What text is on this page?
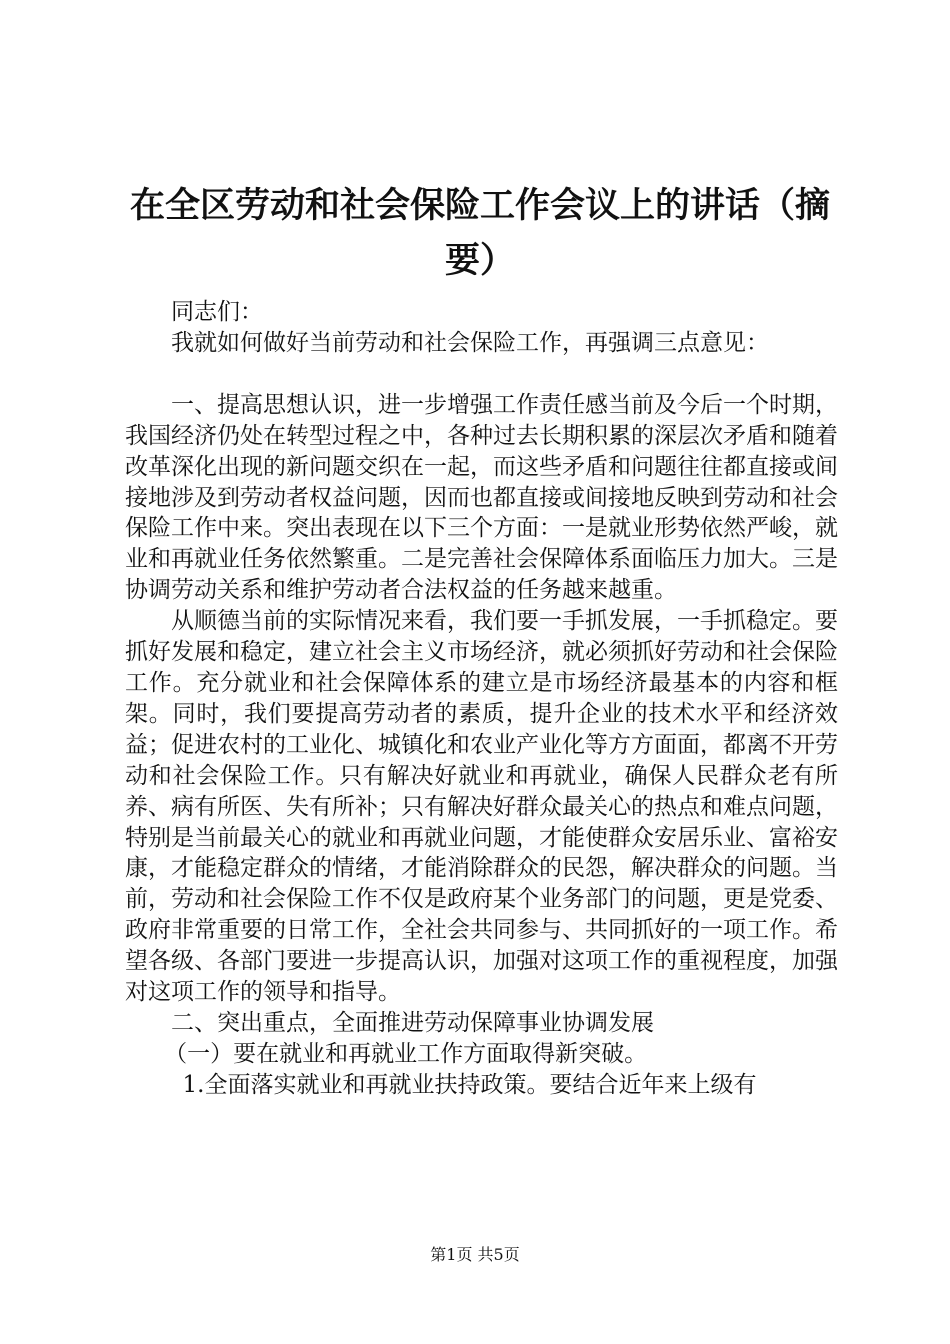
在全区劳动和社会保险工作会议上的讲话（摘要）

同志们：

我就如何做好当前劳动和社会保险工作，再强调三点意见：

一、提高思想认识，进一步增强工作责任感当前及今后一个时期，我国经济仍处在转型过程之中，各种过去长期积累的深层次矛盾和随着改革深化出现的新问题交织在一起，而这些矛盾和问题往往都直接或间接地涉及到劳动者权益问题，因而也都直接或间接地反映到劳动和社会保险工作中来。突出表现在以下三个方面：一是就业形势依然严峻，就业和再就业任务依然繁重。二是完善社会保障体系面临压力加大。三是协调劳动关系和维护劳动者合法权益的任务越来越重。

从顺德当前的实际情况来看，我们要一手抓发展，一手抓稳定。要抓好发展和稳定，建立社会主义市场经济，就必须抓好劳动和社会保险工作。充分就业和社会保障体系的建立是市场经济最基本的内容和框架。同时，我们要提高劳动者的素质，提升企业的技术水平和经济效益；促进农村的工业化、城镇化和农业产业化等方方面面，都离不开劳动和社会保险工作。只有解决好就业和再就业，确保人民群众老有所养、病有所医、失有所补；只有解决好群众最关心的热点和难点问题，特别是当前最关心的就业和再就业问题，才能使群众安居乐业、富裕安康，才能稳定群众的情绪，才能消除群众的民怨，解决群众的问题。当前，劳动和社会保险工作不仅是政府某个业务部门的问题，更是党委、政府非常重要的日常工作，全社会共同参与、共同抓好的一项工作。希望各级、各部门要进一步提高认识，加强对这项工作的重视程度，加强对这项工作的领导和指导。

二、突出重点，全面推进劳动保障事业协调发展

（一）要在就业和再就业工作方面取得新突破。

1.全面落实就业和再就业扶持政策。要结合近年来上级有

第1页 共5页
